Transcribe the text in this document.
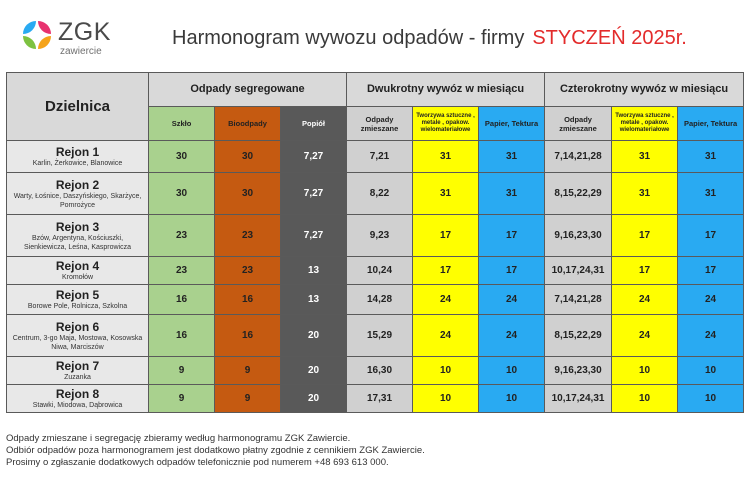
ZGK
zawiercie
Harmonogram wywozu odpadów - firmy STYCZEŃ 2025r.
Dzielnica	Odpady segregowane			Dwukrotny wywóz w miesiącu			Czterokrotny wywóz w miesiącu		
	Szkło	Bioodpady	Popiół	Odpady zmieszane	Tworzywa sztuczne , metale , opakow. wielomateriałowe	Papier, Tektura	Odpady zmieszane	Tworzywa sztuczne , metale , opakow. wielomateriałowe	Papier, Tektura

Rejon 1
Karlin, Żerkowice, Blanowice	30	30	7,27	7,21	31	31	7,14,21,28	31	31

Rejon 2
Warty, Łośnice, Daszyńskiego, Skarżyce, Pomrożyce	30	30	7,27	8,22	31	31	8,15,22,29	31	31

Rejon 3
Bzów, Argentyna, Kościuszki, Sienkiewicza, Leśna, Kasprowicza	23	23	7,27	9,23	17	17	9,16,23,30	17	17

Rejon 4
Kromołów	23	23	13	10,24	17	17	10,17,24,31	17	17

Rejon 5
Borowe Pole, Rolnicza, Szkolna	16	16	13	14,28	24	24	7,14,21,28	24	24

Rejon 6
Centrum, 3-go Maja, Mostowa, Kosowska Niwa, Marciszów	16	16	20	15,29	24	24	8,15,22,29	24	24

Rejon 7
Zuzanka	9	9	20	16,30	10	10	9,16,23,30	10	10

Rejon 8
Stawki, Miodowa, Dąbrowica	9	9	20	17,31	10	10	10,17,24,31	10	10
Odpady zmieszane i segregację zbieramy według harmonogramu ZGK Zawiercie.
Odbiór odpadów poza harmonogramem jest dodatkowo płatny zgodnie z cennikiem ZGK Zawiercie.
Prosimy o zgłaszanie dodatkowych odpadów telefonicznie pod numerem +48 693 613 000.
